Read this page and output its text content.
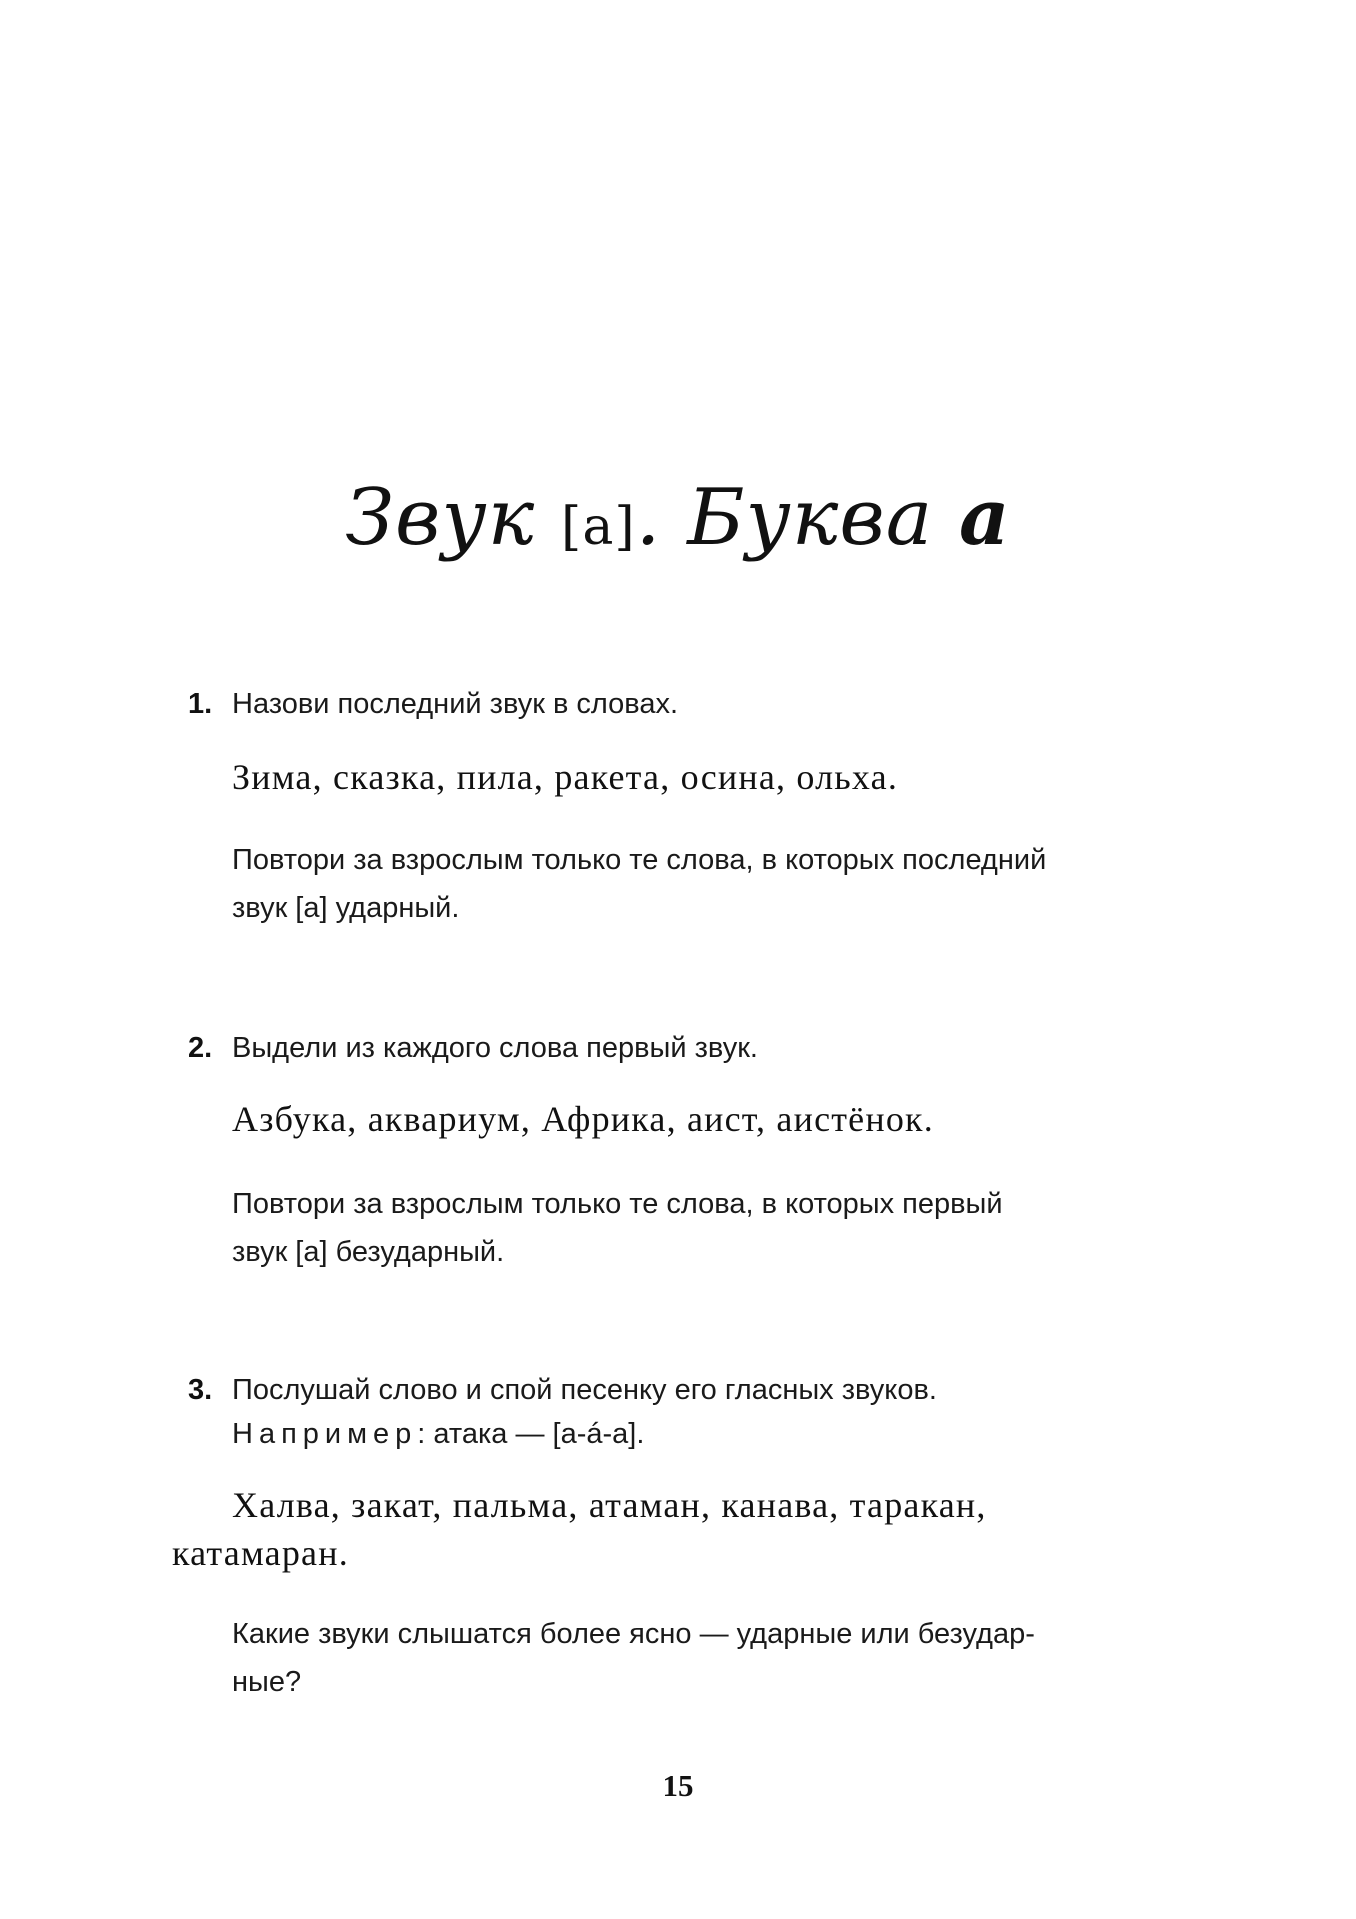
Звук [а]. Буква а
1. Назови последний звук в словах.
Зима, сказка, пила, ракета, осина, ольха.
Повтори за взрослым только те слова, в которых последний
звук [а] ударный.
2. Выдели из каждого слова первый звук.
Азбука, аквариум, Африка, аист, аистёнок.
Повтори за взрослым только те слова, в которых первый
звук [а] безударный.
3. Послушай слово и спой песенку его гласных звуков.
Например: атака — [а-á-а].
Халва, закат, пальма, атаман, канава, таракан,
катамаран.
Какие звуки слышатся более ясно — ударные или безудар-
ные?
15
